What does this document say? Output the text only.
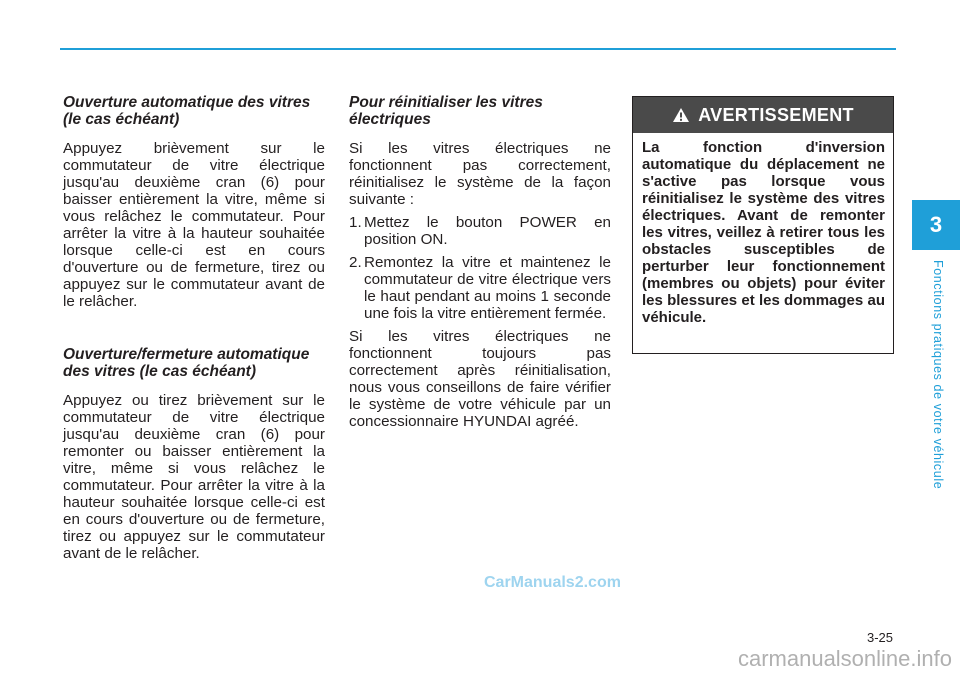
Ouverture automatique des vitres (le cas échéant)

Appuyez brièvement sur le commutateur de vitre électrique jusqu'au deuxième cran (6) pour baisser entièrement la vitre, même si vous relâchez le commutateur. Pour arrêter la vitre à la hauteur souhaitée lorsque celle-ci est en cours d'ouverture ou de fermeture, tirez ou appuyez sur le commutateur avant de le relâcher.

Ouverture/fermeture automatique des vitres (le cas échéant)

Appuyez ou tirez brièvement sur le commutateur de vitre électrique jusqu'au deuxième cran (6) pour remonter ou baisser entièrement la vitre, même si vous relâchez le commutateur. Pour arrêter la vitre à la hauteur souhaitée lorsque celle-ci est en cours d'ouverture ou de fermeture, tirez ou appuyez sur le commutateur avant de le relâcher.

Pour réinitialiser les vitres électriques

Si les vitres électriques ne fonctionnent pas correctement, réinitialisez le système de la façon suivante :

1. Mettez le bouton POWER en position ON.
2. Remontez la vitre et maintenez le commutateur de vitre électrique vers le haut pendant au moins 1 seconde une fois la vitre entièrement fermée.

Si les vitres électriques ne fonctionnent toujours pas correctement après réinitialisation, nous vous conseillons de faire vérifier le système de votre véhicule par un concessionnaire HYUNDAI agréé.

AVERTISSEMENT
La fonction d'inversion automatique du déplacement ne s'active pas lorsque vous réinitialisez le système des vitres électriques. Avant de remonter les vitres, veillez à retirer tous les obstacles susceptibles de perturber leur fonctionnement (membres ou objets) pour éviter les blessures et les dommages au véhicule.
3
Fonctions pratiques de votre véhicule
CarManuals2.com
3-25
carmanualsonline.info
